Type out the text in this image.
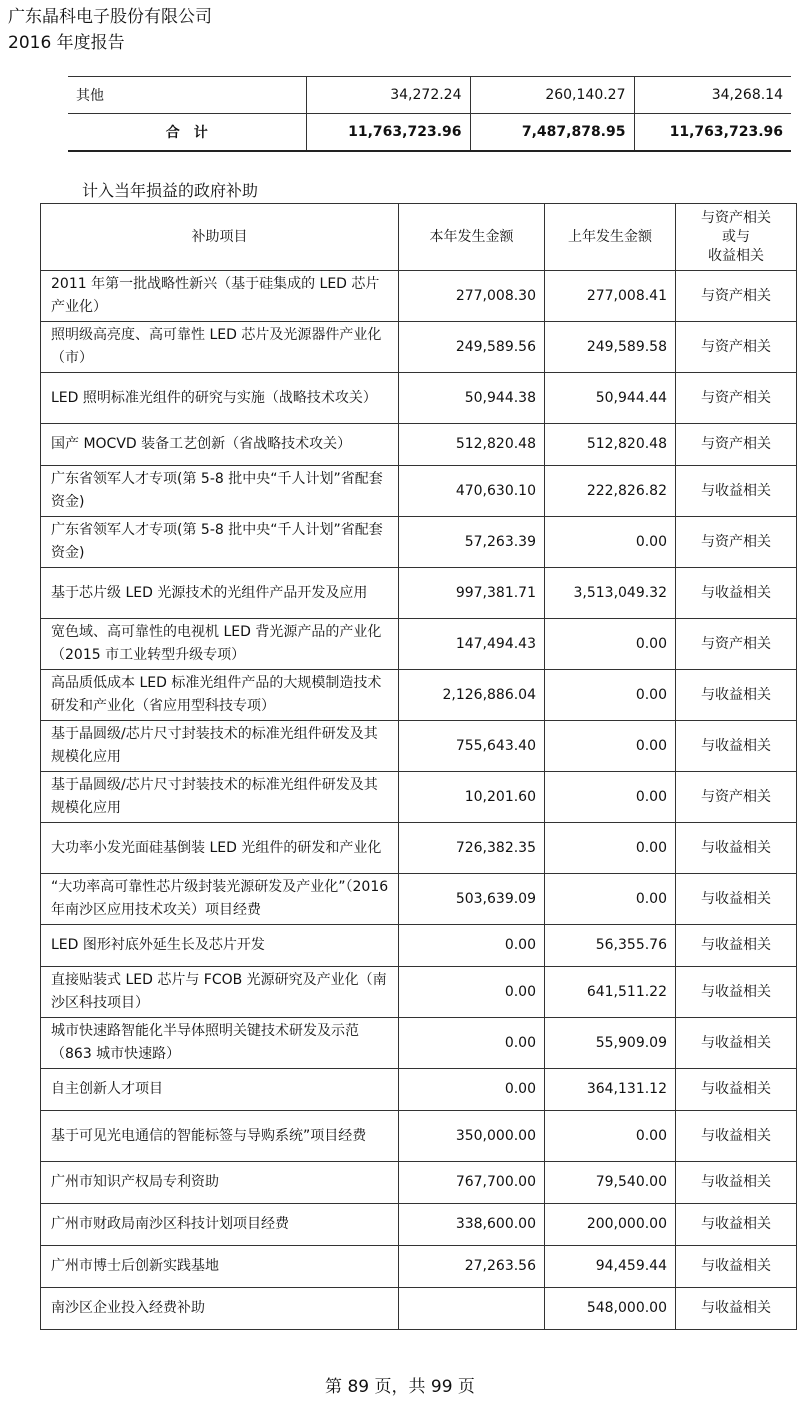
广东晶科电子股份有限公司
2016 年度报告
其他	34,272.24	260,140.27	34,268.14
合　计	11,763,723.96	7,487,878.95	11,763,723.96
计入当年损益的政府补助
补助项目	本年发生金额	上年发生金额	与资产相关
或与
收益相关
2011 年第一批战略性新兴（基于硅集成的 LED 芯片产业化）	277,008.30	277,008.41	与资产相关
照明级高亮度、高可靠性 LED 芯片及光源器件产业化（市）	249,589.56	249,589.58	与资产相关
LED 照明标准光组件的研究与实施（战略技术攻关）	50,944.38	50,944.44	与资产相关
国产 MOCVD 装备工艺创新（省战略技术攻关）	512,820.48	512,820.48	与资产相关
广东省领军人才专项(第 5-8 批中央“千人计划”省配套资金)	470,630.10	222,826.82	与收益相关
广东省领军人才专项(第 5-8 批中央“千人计划”省配套资金)	57,263.39	0.00	与资产相关
基于芯片级 LED 光源技术的光组件产品开发及应用	997,381.71	3,513,049.32	与收益相关
宽色域、高可靠性的电视机 LED 背光源产品的产业化（2015 市工业转型升级专项）	147,494.43	0.00	与资产相关
高品质低成本 LED 标准光组件产品的大规模制造技术研发和产业化（省应用型科技专项）	2,126,886.04	0.00	与收益相关
基于晶圆级/芯片尺寸封装技术的标准光组件研发及其规模化应用	755,643.40	0.00	与收益相关
基于晶圆级/芯片尺寸封装技术的标准光组件研发及其规模化应用	10,201.60	0.00	与资产相关
大功率小发光面硅基倒装 LED 光组件的研发和产业化	726,382.35	0.00	与收益相关
“大功率高可靠性芯片级封装光源研发及产业化”（2016 年南沙区应用技术攻关）项目经费	503,639.09	0.00	与收益相关
LED 图形衬底外延生长及芯片开发	0.00	56,355.76	与收益相关
直接贴装式 LED 芯片与 FCOB 光源研究及产业化（南沙区科技项目）	0.00	641,511.22	与收益相关
城市快速路智能化半导体照明关键技术研发及示范（863 城市快速路）	0.00	55,909.09	与收益相关
自主创新人才项目	0.00	364,131.12	与收益相关
基于可见光电通信的智能标签与导购系统”项目经费	350,000.00	0.00	与收益相关
广州市知识产权局专利资助	767,700.00	79,540.00	与收益相关
广州市财政局南沙区科技计划项目经费	338,600.00	200,000.00	与收益相关
广州市博士后创新实践基地	27,263.56	94,459.44	与收益相关
南沙区企业投入经费补助		548,000.00	与收益相关
第 89 页，共 99 页
